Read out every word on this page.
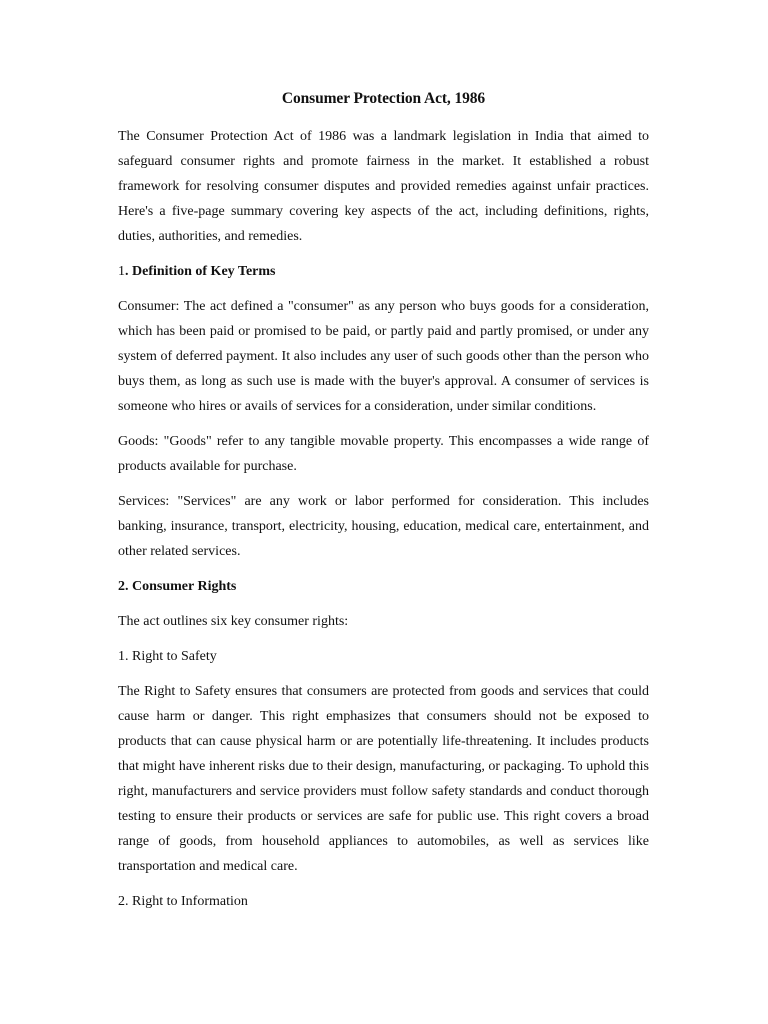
Consumer Protection Act, 1986

The Consumer Protection Act of 1986 was a landmark legislation in India that aimed to safeguard consumer rights and promote fairness in the market. It established a robust framework for resolving consumer disputes and provided remedies against unfair practices. Here's a five-page summary covering key aspects of the act, including definitions, rights, duties, authorities, and remedies.

1. Definition of Key Terms

Consumer: The act defined a "consumer" as any person who buys goods for a consideration, which has been paid or promised to be paid, or partly paid and partly promised, or under any system of deferred payment. It also includes any user of such goods other than the person who buys them, as long as such use is made with the buyer's approval. A consumer of services is someone who hires or avails of services for a consideration, under similar conditions.

Goods: "Goods" refer to any tangible movable property. This encompasses a wide range of products available for purchase.

Services: "Services" are any work or labor performed for consideration. This includes banking, insurance, transport, electricity, housing, education, medical care, entertainment, and other related services.

2. Consumer Rights

The act outlines six key consumer rights:

1. Right to Safety

The Right to Safety ensures that consumers are protected from goods and services that could cause harm or danger. This right emphasizes that consumers should not be exposed to products that can cause physical harm or are potentially life-threatening. It includes products that might have inherent risks due to their design, manufacturing, or packaging. To uphold this right, manufacturers and service providers must follow safety standards and conduct thorough testing to ensure their products or services are safe for public use. This right covers a broad range of goods, from household appliances to automobiles, as well as services like transportation and medical care.

2. Right to Information
